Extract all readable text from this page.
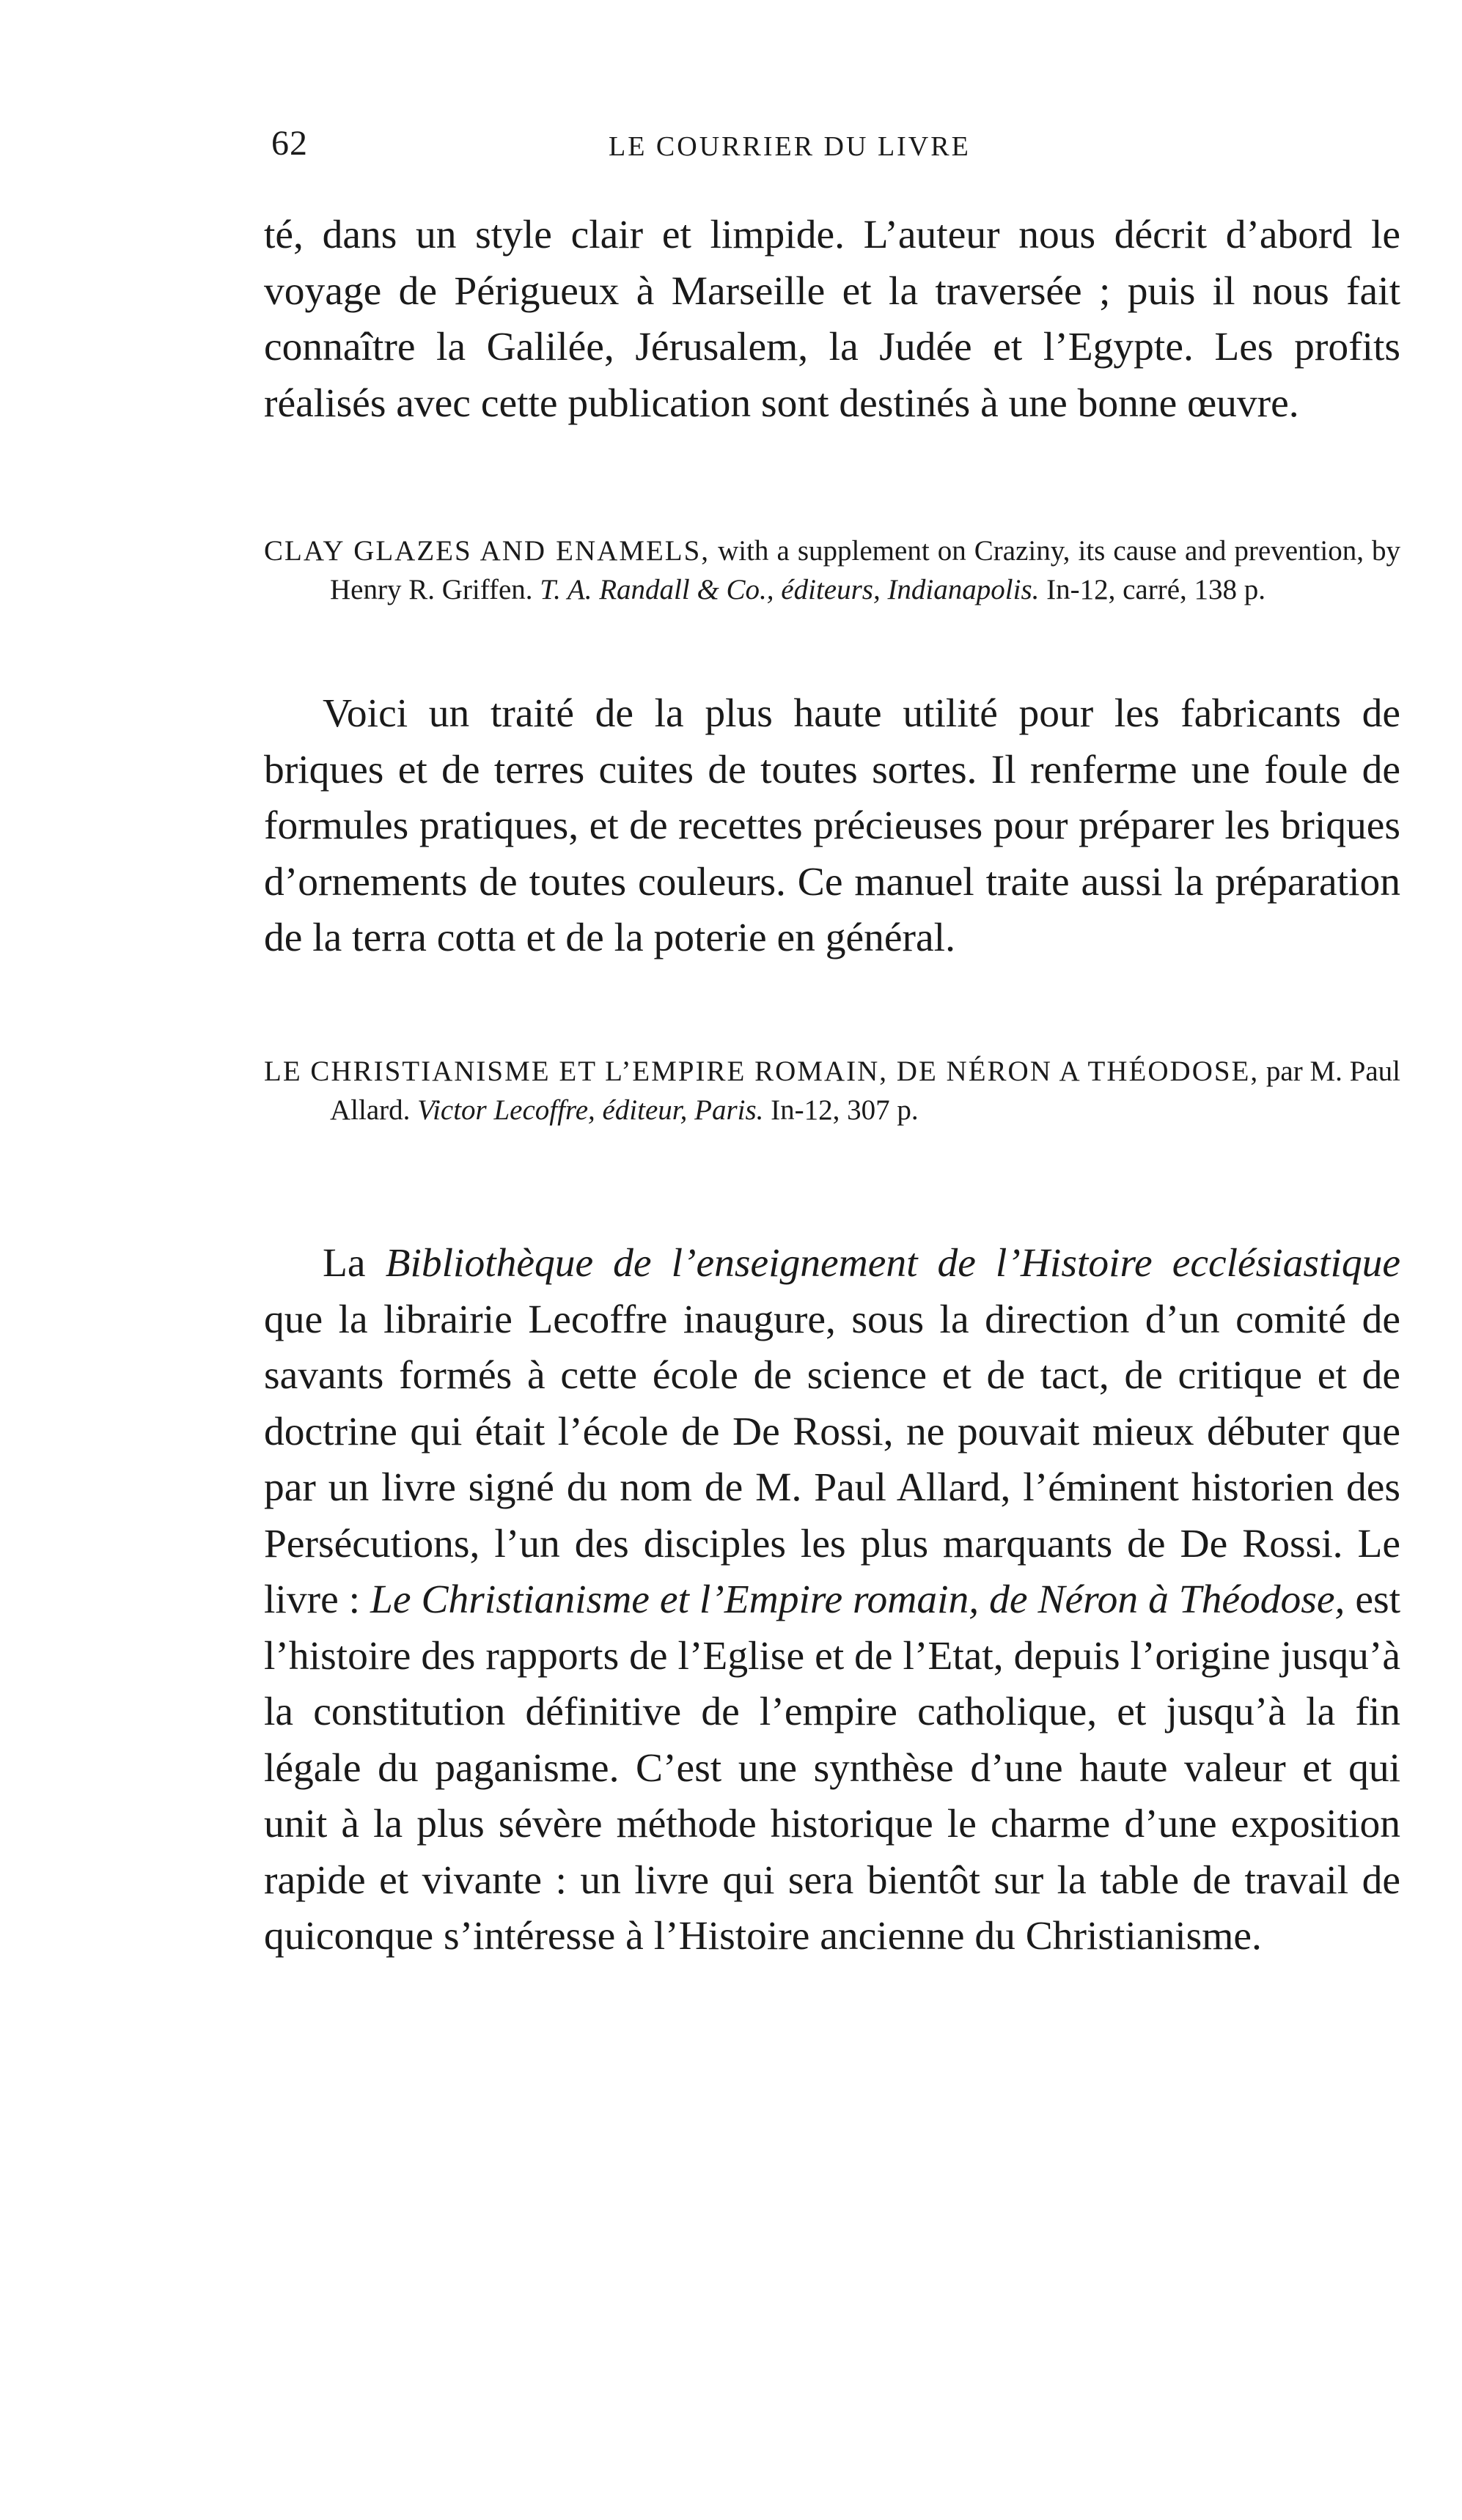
62	LE COURRIER DU LIVRE

té, dans un style clair et limpide. L’auteur nous décrit d’abord le voyage de Périgueux à Marseille et la traversée ; puis il nous fait connaître la Galilée, Jérusalem, la Judée et l’Egypte. Les profits réalisés avec cette publication sont destinés à une bonne œuvre.

CLAY GLAZES AND ENAMELS, with a supplement on Craziny, its cause and prevention, by Henry R. Griffen. T. A. Randall & Co., éditeurs, Indianapolis. In-12, carré, 138 p.

Voici un traité de la plus haute utilité pour les fabricants de briques et de terres cuites de toutes sortes. Il renferme une foule de formules pratiques, et de recettes précieuses pour préparer les briques d’ornements de toutes couleurs. Ce manuel traite aussi la préparation de la terra cotta et de la poterie en général.

LE CHRISTIANISME ET L’EMPIRE ROMAIN, DE NÉRON A THÉODOSE, par M. Paul Allard. Victor Lecoffre, éditeur, Paris. In-12, 307 p.

La Bibliothèque de l’enseignement de l’Histoire ecclésiastique que la librairie Lecoffre inaugure, sous la direction d’un comité de savants formés à cette école de science et de tact, de critique et de doctrine qui était l’école de De Rossi, ne pouvait mieux débuter que par un livre signé du nom de M. Paul Allard, l’éminent historien des Persécutions, l’un des disciples les plus marquants de De Rossi. Le livre : Le Christianisme et l’Empire romain, de Néron à Théodose, est l’histoire des rapports de l’Eglise et de l’Etat, depuis l’origine jusqu’à la constitution définitive de l’empire catholique, et jusqu’à la fin légale du paganisme. C’est une synthèse d’une haute valeur et qui unit à la plus sévère méthode historique le charme d’une exposition rapide et vivante : un livre qui sera bientôt sur la table de travail de quiconque s’intéresse à l’Histoire ancienne du Christianisme.
